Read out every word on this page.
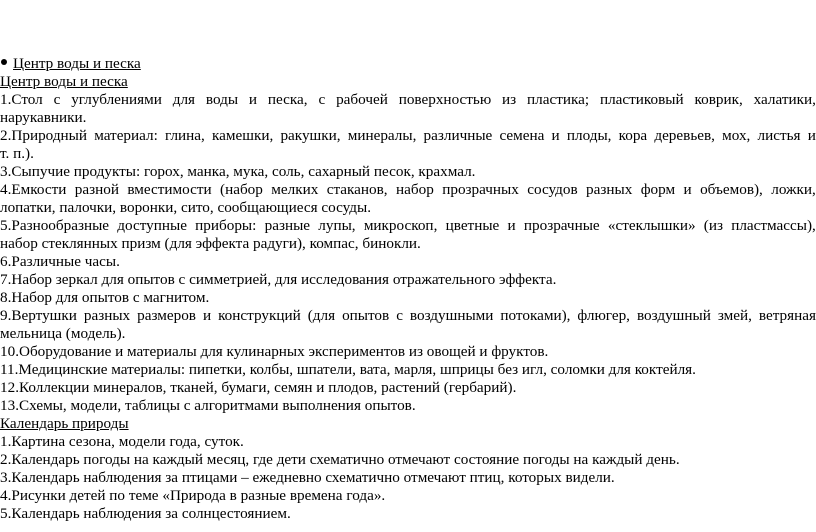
Центр воды и песка
Центр воды и песка
1.Стол с углублениями для воды и песка, с рабочей поверхностью из пластика; пластиковый коврик, халатики,
нарукавники.
2.Природный материал: глина, камешки, ракушки, минералы, различные семена и плоды, кора деревьев, мох, листья и
т. п.).
3.Сыпучие продукты: горох, манка, мука, соль, сахарный песок, крахмал.
4.Емкости разной вместимости (набор мелких стаканов, набор прозрачных сосудов разных форм и объемов), ложки,
лопатки, палочки, воронки, сито, сообщающиеся сосуды.
5.Разнообразные доступные приборы: разные лупы, микроскоп, цветные и прозрачные «стеклышки» (из пластмассы),
набор стеклянных призм (для эффекта радуги), компас, бинокли.
6.Различные часы.
7.Набор зеркал для опытов с симметрией, для исследования отражательного эффекта.
8.Набор для опытов с магнитом.
9.Вертушки разных размеров и конструкций (для опытов с воздушными потоками), флюгер, воздушный змей, ветряная
мельница (модель).
10.Оборудование и материалы для кулинарных экспериментов из овощей и фруктов.
11.Медицинские материалы: пипетки, колбы, шпатели, вата, марля, шприцы без игл, соломки для коктейля.
12.Коллекции минералов, тканей, бумаги, семян и плодов, растений (гербарий).
13.Схемы, модели, таблицы с алгоритмами выполнения опытов.
Календарь природы
1.Картина сезона, модели года, суток.
2.Календарь погоды на каждый месяц, где дети схематично отмечают состояние погоды на каждый день.
3.Календарь наблюдения за птицами – ежедневно схематично отмечают птиц, которых видели.
4.Рисунки детей по теме «Природа в разные времена года».
5.Календарь наблюдения за солнцестоянием.
